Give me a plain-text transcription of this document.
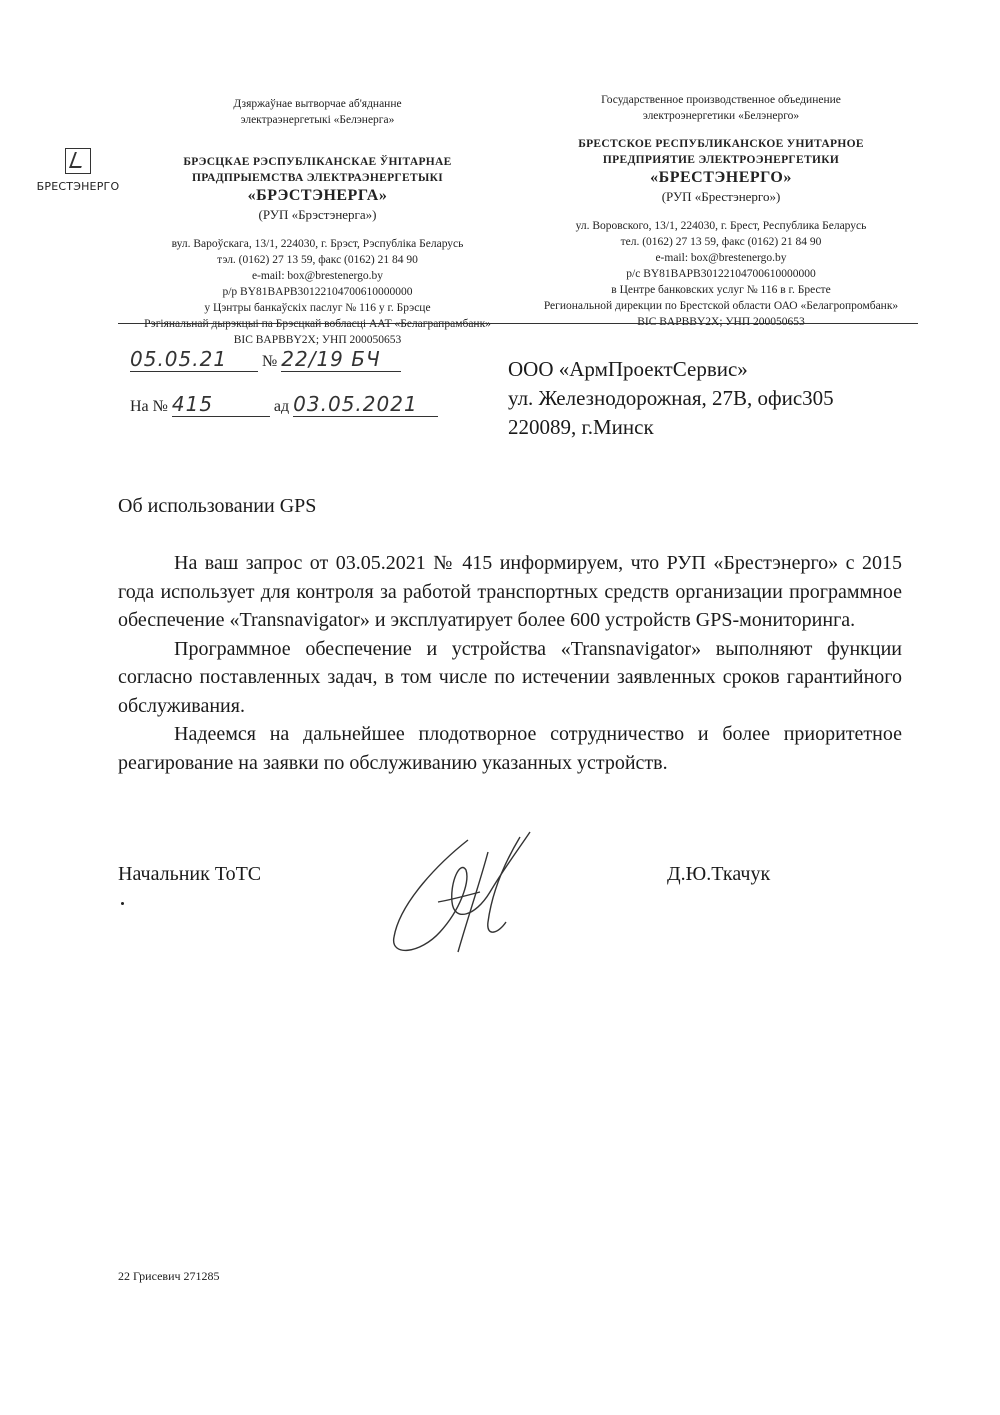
БРЕСТЭНЕРГО
Дзяржаўнае вытворчае аб'яднанне
электраэнергетыкі «Белэнерга»
БРЭСЦКАЕ РЭСПУБЛІКАНСКАЕ ЎНІТАРНАЕ
ПРАДПРЫЕМСТВА ЭЛЕКТРАЭНЕРГЕТЫКІ
«БРЭСТЭНЕРГА»
(РУП «Брэстэнерга»)
вул. Вароўскага, 13/1, 224030, г. Брэст, Рэспубліка Беларусь
тэл. (0162) 27 13 59, факс (0162) 21 84 90
e-mail: box@brestenergo.by
р/р BY81BAPB30122104700610000000
у Цэнтры банкаўскіх паслуг № 116 у г. Брэсце
Рэгіянальнай дырэкцыі па Брэсцкай вобласці ААТ «Белаграпрамбанк»
BIC BAPBBY2X; УНП 200050653
Государственное производственное объединение
электроэнергетики «Белэнерго»
БРЕСТСКОЕ РЕСПУБЛИКАНСКОЕ УНИТАРНОЕ
ПРЕДПРИЯТИЕ ЭЛЕКТРОЭНЕРГЕТИКИ
«БРЕСТЭНЕРГО»
(РУП «Брестэнерго»)
ул. Воровского, 13/1, 224030, г. Брест, Республика Беларусь
тел. (0162) 27 13 59, факс (0162) 21 84 90
e-mail: box@brestenergo.by
р/с BY81BAPB30122104700610000000
в Центре банковских услуг № 116 в г. Бресте
Региональной дирекции по Брестской области ОАО «Белагропромбанк»
BIC BAPBBY2X; УНП 200050653
05.05.21 № 22/19 БЧ
На № 415	ад 03.05.2021
ООО «АрмПроектСервис»
ул. Железнодорожная, 27В, офис305
220089, г.Минск
Об использовании GPS

На ваш запрос от 03.05.2021 № 415 информируем, что РУП «Брестэнерго» с 2015 года использует для контроля за работой транспортных средств организации программное обеспечение «Transnavigator» и эксплуатирует более 600 устройств GPS-мониторинга.

Программное обеспечение и устройства «Transnavigator» выполняют функции согласно поставленных задач, в том числе по истечении заявленных сроков гарантийного обслуживания.

Надеемся на дальнейшее плодотворное сотрудничество и более приоритетное реагирование на заявки по обслуживанию указанных устройств.

Начальник ТоТС	Д.Ю.Ткачук
22 Грисевич 271285
